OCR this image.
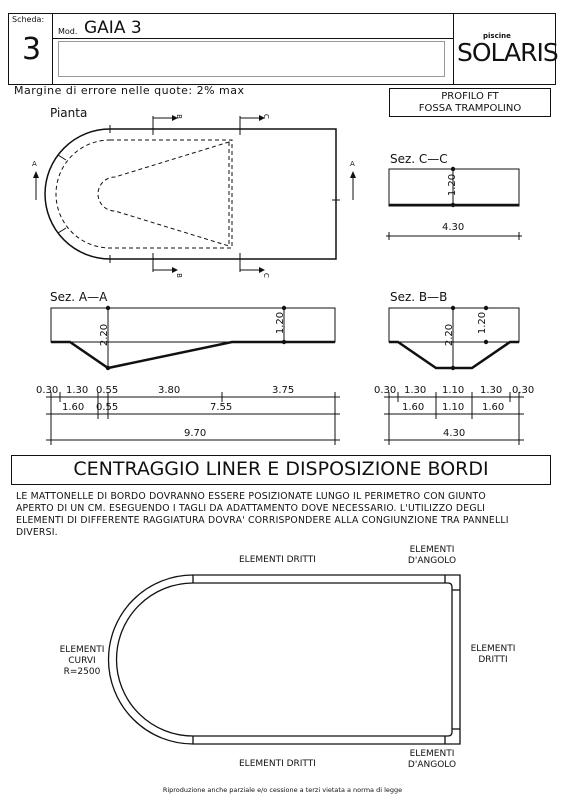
Scheda:
3
Mod. GAIA 3	piscine
SOLARIS
Margine di errore nelle quote: 2% max	PROFILO FT
FOSSA TRAMPOLINO
Pianta	B
B
C
C
A	A	Sez. C—C
1.20
4.30
Sez. A—A
2.20
1.20
0.30 1.30 0.55	3.80	3.75
1.60 0.55	7.55
9.70
Sez. B—B
2.20
1.20
0.30 1.30 1.10 1.30 0.30
1.60 1.10 1.60
4.30
CENTRAGGIO LINER E DISPOSIZIONE BORDI
LE MATTONELLE DI BORDO DOVRANNO ESSERE POSIZIONATE LUNGO IL PERIMETRO CON GIUNTO
APERTO DI UN CM. ESEGUENDO I TAGLI DA ADATTAMENTO DOVE NECESSARIO. L'UTILIZZO DEGLI
ELEMENTI DI DIFFERENTE RAGGIATURA DOVRA' CORRISPONDERE ALLA CONGIUNZIONE TRA PANNELLI
DIVERSI.
ELEMENTI DRITTI
ELEMENTI DRITTI
ELEMENTI
D'ANGOLO
ELEMENTI
D'ANGOLO
ELEMENTI
CURVI
R=2500
ELEMENTI
DRITTI
Riproduzione anche parziale e/o cessione a terzi vietata a norma di legge
